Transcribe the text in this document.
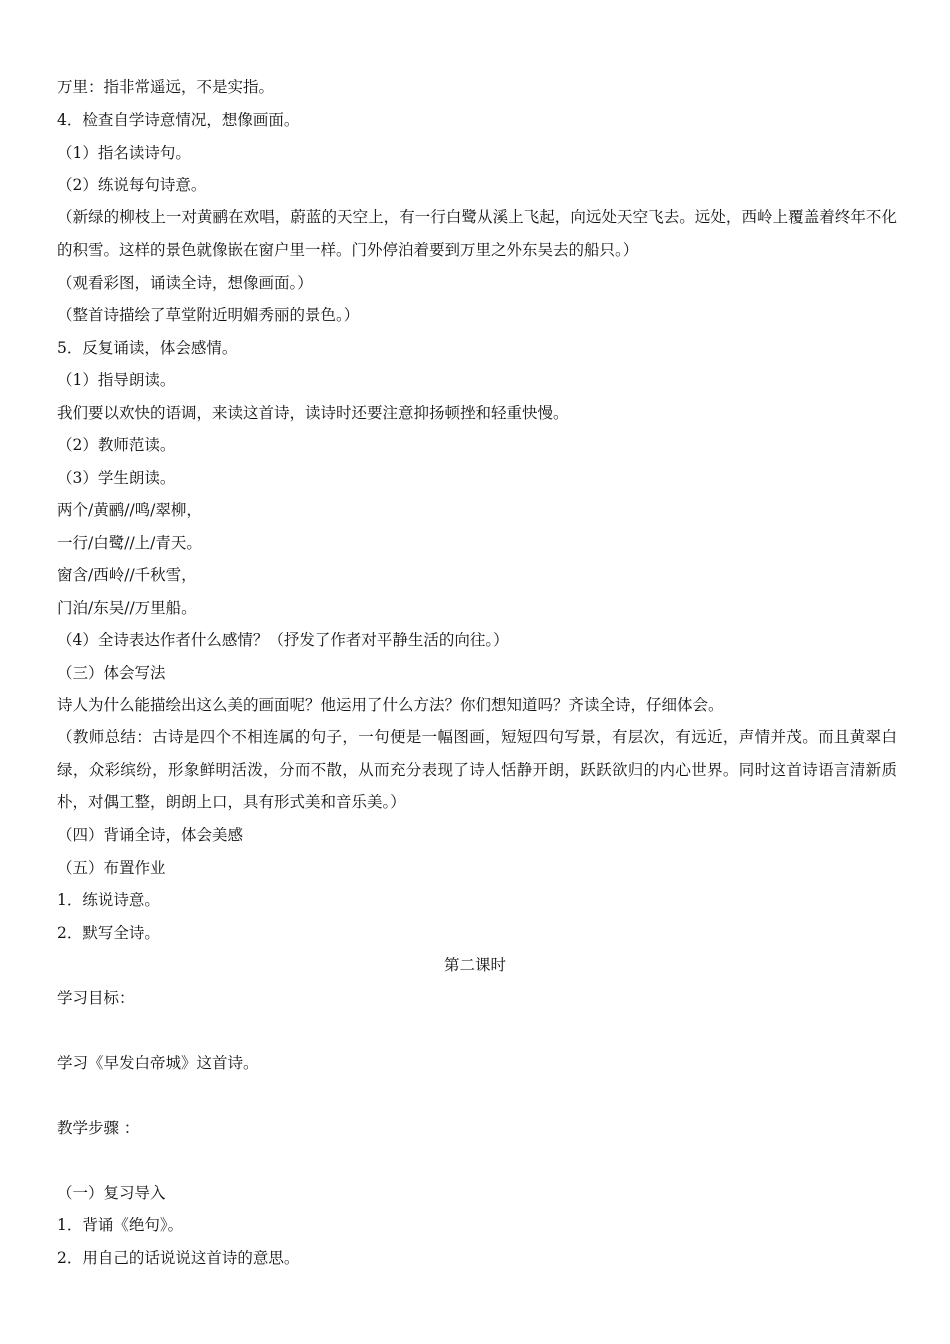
万里：指非常遥远，不是实指。
4．检查自学诗意情况，想像画面。
（1）指名读诗句。
（2）练说每句诗意。
（新绿的柳枝上一对黄鹂在欢唱，蔚蓝的天空上，有一行白鹭从溪上飞起，向远处天空飞去。远处，西岭上覆盖着终年不化的积雪。这样的景色就像嵌在窗户里一样。门外停泊着要到万里之外东吴去的船只。）
（观看彩图，诵读全诗，想像画面。）
（整首诗描绘了草堂附近明媚秀丽的景色。）
5．反复诵读，体会感情。
（1）指导朗读。
我们要以欢快的语调，来读这首诗，读诗时还要注意抑扬顿挫和轻重快慢。
（2）教师范读。
（3）学生朗读。
两个/黄鹂//鸣/翠柳，
一行/白鹭//上/青天。
窗含/西岭//千秋雪，
门泊/东吴//万里船。
（4）全诗表达作者什么感情？（抒发了作者对平静生活的向往。）
（三）体会写法
诗人为什么能描绘出这么美的画面呢？他运用了什么方法？你们想知道吗？齐读全诗，仔细体会。
（教师总结：古诗是四个不相连属的句子，一句便是一幅图画，短短四句写景，有层次，有远近，声情并茂。而且黄翠白绿，众彩缤纷，形象鲜明活泼，分而不散，从而充分表现了诗人恬静开朗，跃跃欲归的内心世界。同时这首诗语言清新质朴，对偶工整，朗朗上口，具有形式美和音乐美。）
（四）背诵全诗，体会美感
（五）布置作业
1．练说诗意。
2．默写全诗。
第二课时
学习目标：
学习《早发白帝城》这首诗。
教学步骤 ：
（一）复习导入
1．背诵《绝句》。
2．用自己的话说说这首诗的意思。
